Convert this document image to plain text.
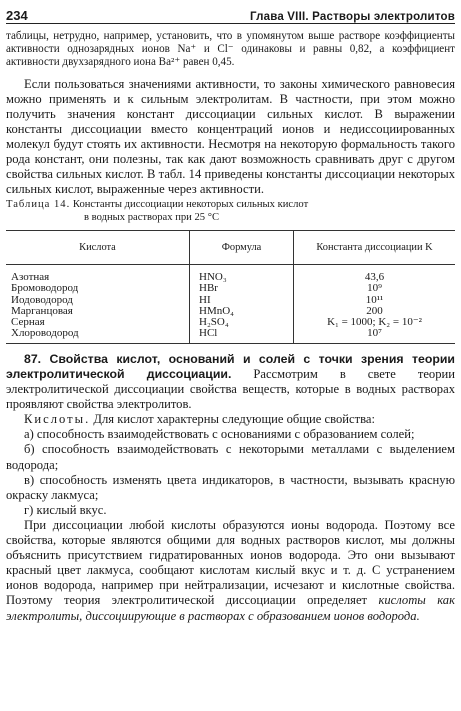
234	Глава VIII. Растворы электролитов

таблицы, нетрудно, например, установить, что в упомянутом выше растворе коэффициенты активности однозарядных ионов Na⁺ и Cl⁻ одинаковы и равны 0,82, а коэффициент активности двухзарядного иона Ba²⁺ равен 0,45.

Если пользоваться значениями активности, то законы химического равновесия можно применять и к сильным электролитам. В частности, при этом можно получить значения констант диссоциации сильных кислот. В выражении константы диссоциации вместо концентраций ионов и недиссоциированных молекул будут стоять их активности. Несмотря на некоторую формальность такого рода констант, они полезны, так как дают возможность сравнивать друг с другом свойства сильных кислот. В табл. 14 приведены константы диссоциации некоторых сильных кислот, выраженные через активности.

Таблица 14. Константы диссоциации некоторых сильных кислот
в водных растворах при 25 °С
Кислота	Формула	Константа диссоциации K
Азотная	HNO₃	43,6
Бромоводород	HBr	10⁹
Иодоводород	HI	10¹¹
Марганцовая	HMnO₄	200
Серная	H₂SO₄	K₁ = 1000; K₂ = 10⁻²
Хлороводород	HCl	10⁷

87. Свойства кислот, оснований и солей с точки зрения теории электролитической диссоциации. Рассмотрим в свете теории электролитической диссоциации свойства веществ, которые в водных растворах проявляют свойства электролитов.

Кислоты. Для кислот характерны следующие общие свойства:

а) способность взаимодействовать с основаниями с образованием солей;

б) способность взаимодействовать с некоторыми металлами с выделением водорода;

в) способность изменять цвета индикаторов, в частности, вызывать красную окраску лакмуса;

г) кислый вкус.

При диссоциации любой кислоты образуются ионы водорода. Поэтому все свойства, которые являются общими для водных растворов кислот, мы должны объяснить присутствием гидратированных ионов водорода. Это они вызывают красный цвет лакмуса, сообщают кислотам кислый вкус и т. д. С устранением ионов водорода, например при нейтрализации, исчезают и кислотные свойства. Поэтому теория электролитической диссоциации определяет кислоты как электролиты, диссоциирующие в растворах с образованием ионов водорода.
